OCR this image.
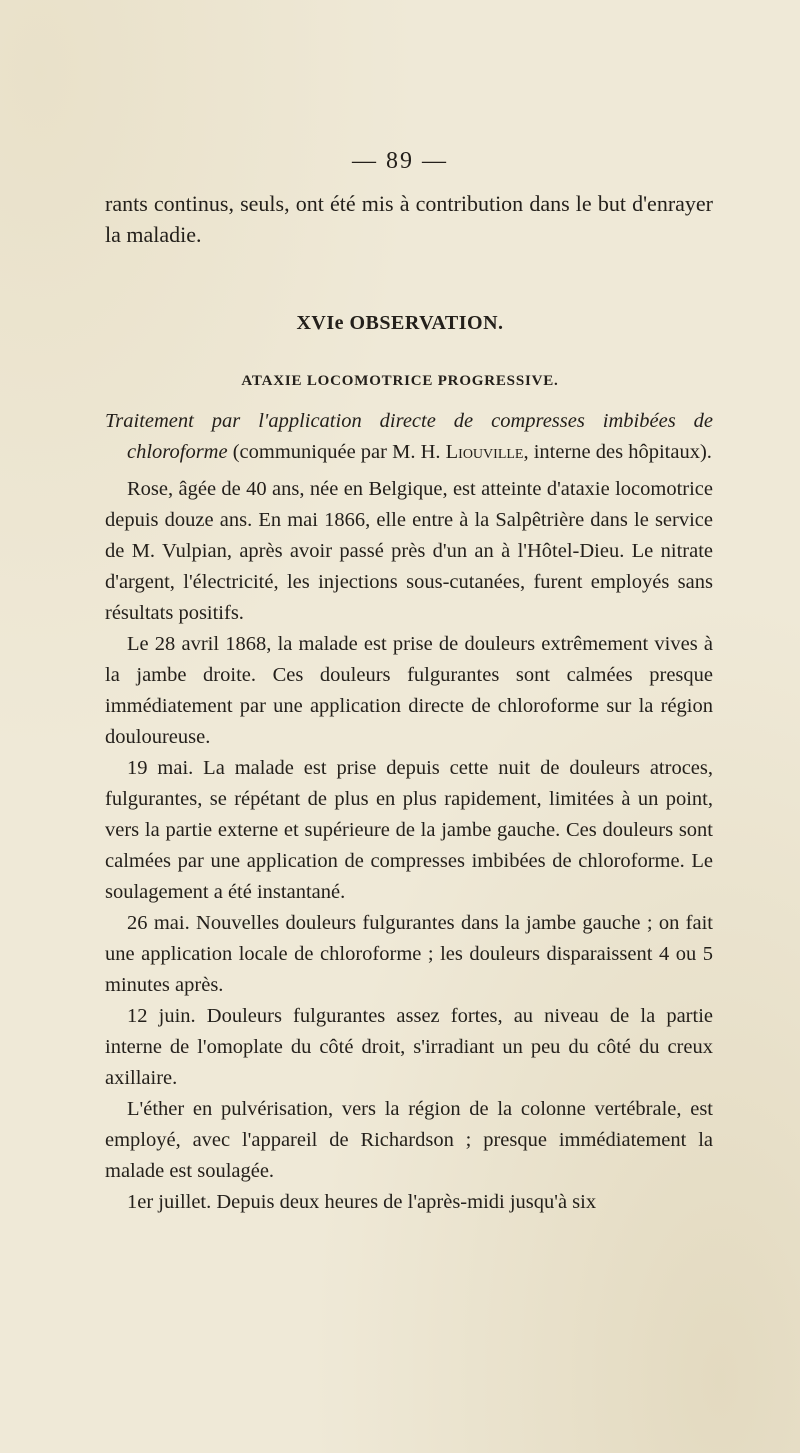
— 89 —
rants continus, seuls, ont été mis à contribution dans le but d'enrayer la maladie.
XVIe OBSERVATION.
ATAXIE LOCOMOTRICE PROGRESSIVE.

Traitement par l'application directe de compresses imbibées de chloroforme (communiquée par M. H. Liouville, interne des hôpitaux).

Rose, âgée de 40 ans, née en Belgique, est atteinte d'ataxie locomotrice depuis douze ans. En mai 1866, elle entre à la Salpêtrière dans le service de M. Vulpian, après avoir passé près d'un an à l'Hôtel-Dieu. Le nitrate d'argent, l'électricité, les injections sous-cutanées, furent employés sans résultats positifs.

Le 28 avril 1868, la malade est prise de douleurs extrêmement vives à la jambe droite. Ces douleurs fulgurantes sont calmées presque immédiatement par une application directe de chloroforme sur la région douloureuse.

19 mai. La malade est prise depuis cette nuit de douleurs atroces, fulgurantes, se répétant de plus en plus rapidement, limitées à un point, vers la partie externe et supérieure de la jambe gauche. Ces douleurs sont calmées par une application de compresses imbibées de chloroforme. Le soulagement a été instantané.

26 mai. Nouvelles douleurs fulgurantes dans la jambe gauche ; on fait une application locale de chloroforme ; les douleurs disparaissent 4 ou 5 minutes après.

12 juin. Douleurs fulgurantes assez fortes, au niveau de la partie interne de l'omoplate du côté droit, s'irradiant un peu du côté du creux axillaire.

L'éther en pulvérisation, vers la région de la colonne vertébrale, est employé, avec l'appareil de Richardson ; presque immédiatement la malade est soulagée.

1er juillet. Depuis deux heures de l'après-midi jusqu'à six
